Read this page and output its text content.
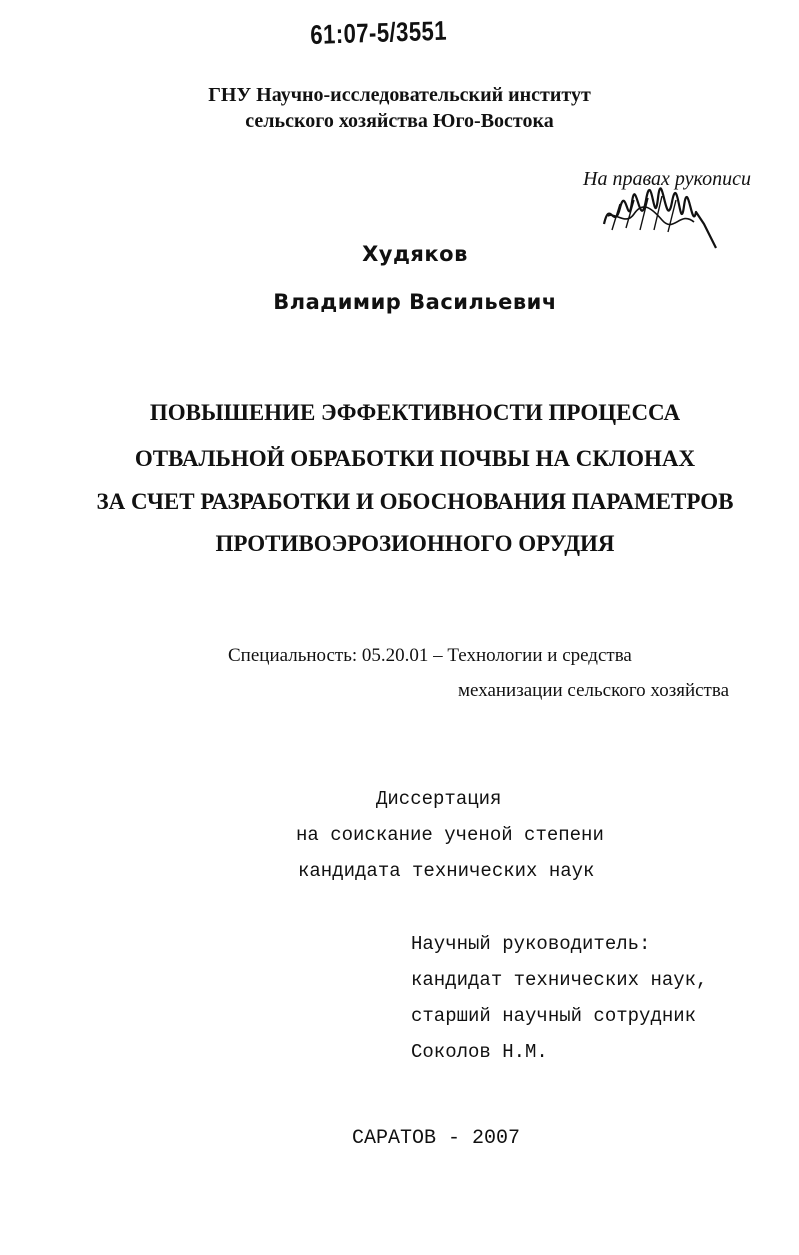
61:07-5/3551
ГНУ Научно-исследовательский институт
сельского хозяйства Юго-Востока
На правах рукописи
Худяков
Владимир Васильевич
ПОВЫШЕНИЕ ЭФФЕКТИВНОСТИ ПРОЦЕССА
ОТВАЛЬНОЙ ОБРАБОТКИ ПОЧВЫ НА СКЛОНАХ
ЗА СЧЕТ РАЗРАБОТКИ И ОБОСНОВАНИЯ ПАРАМЕТРОВ
ПРОТИВОЭРОЗИОННОГО ОРУДИЯ
Специальность: 05.20.01 – Технологии и средства
механизации сельского хозяйства
Диссертация
на соискание ученой степени
кандидата технических наук
Научный руководитель:
кандидат технических наук,
старший научный сотрудник
Соколов Н.М.
САРАТОВ - 2007
